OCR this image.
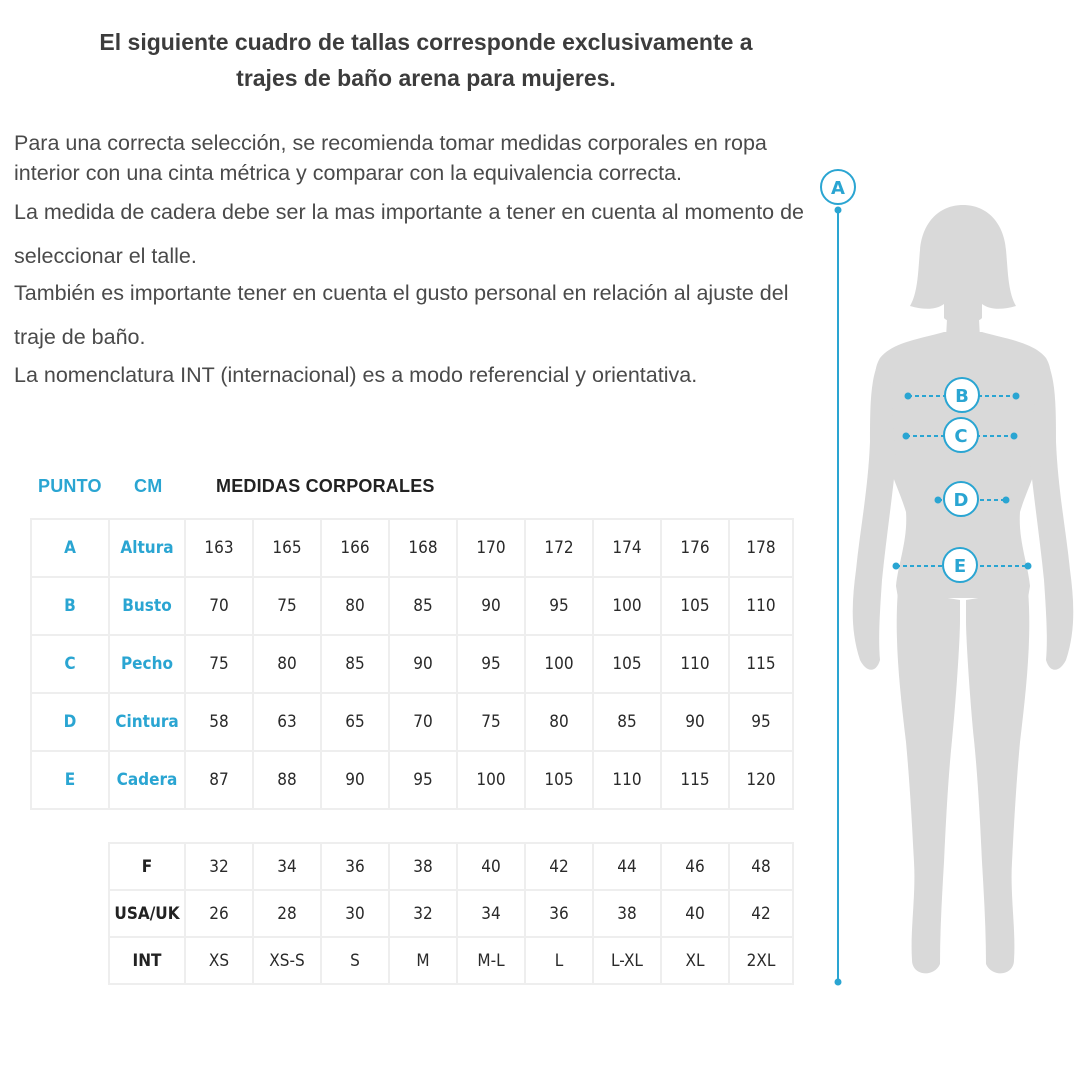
El siguiente cuadro de tallas corresponde exclusivamente a
trajes de baño arena para mujeres.

Para una correcta selección, se recomienda tomar medidas corporales en ropa interior con una cinta métrica y comparar con la equivalencia correcta.

La medida de cadera debe ser la mas importante a tener en cuenta al momento de seleccionar el talle.

También es importante tener en cuenta el gusto personal en relación al ajuste del traje de baño.

La nomenclatura INT (internacional) es a modo referencial y orientativa.

PUNTO CM	MEDIDAS CORPORALES
A	Altura	163	165	166	168	170	172	174	176	178
B	Busto	70	75	80	85	90	95	100	105	110
C	Pecho	75	80	85	90	95	100	105	110	115
D	Cintura	58	63	65	70	75	80	85	90	95
E	Cadera	87	88	90	95	100	105	110	115	120
F	32	34	36	38	40	42	44	46	48
USA/UK	26	28	30	32	34	36	38	40	42
INT	XS	XS-S	S	M	M-L	L	L-XL	XL	2XL
A
B
C
D
E
